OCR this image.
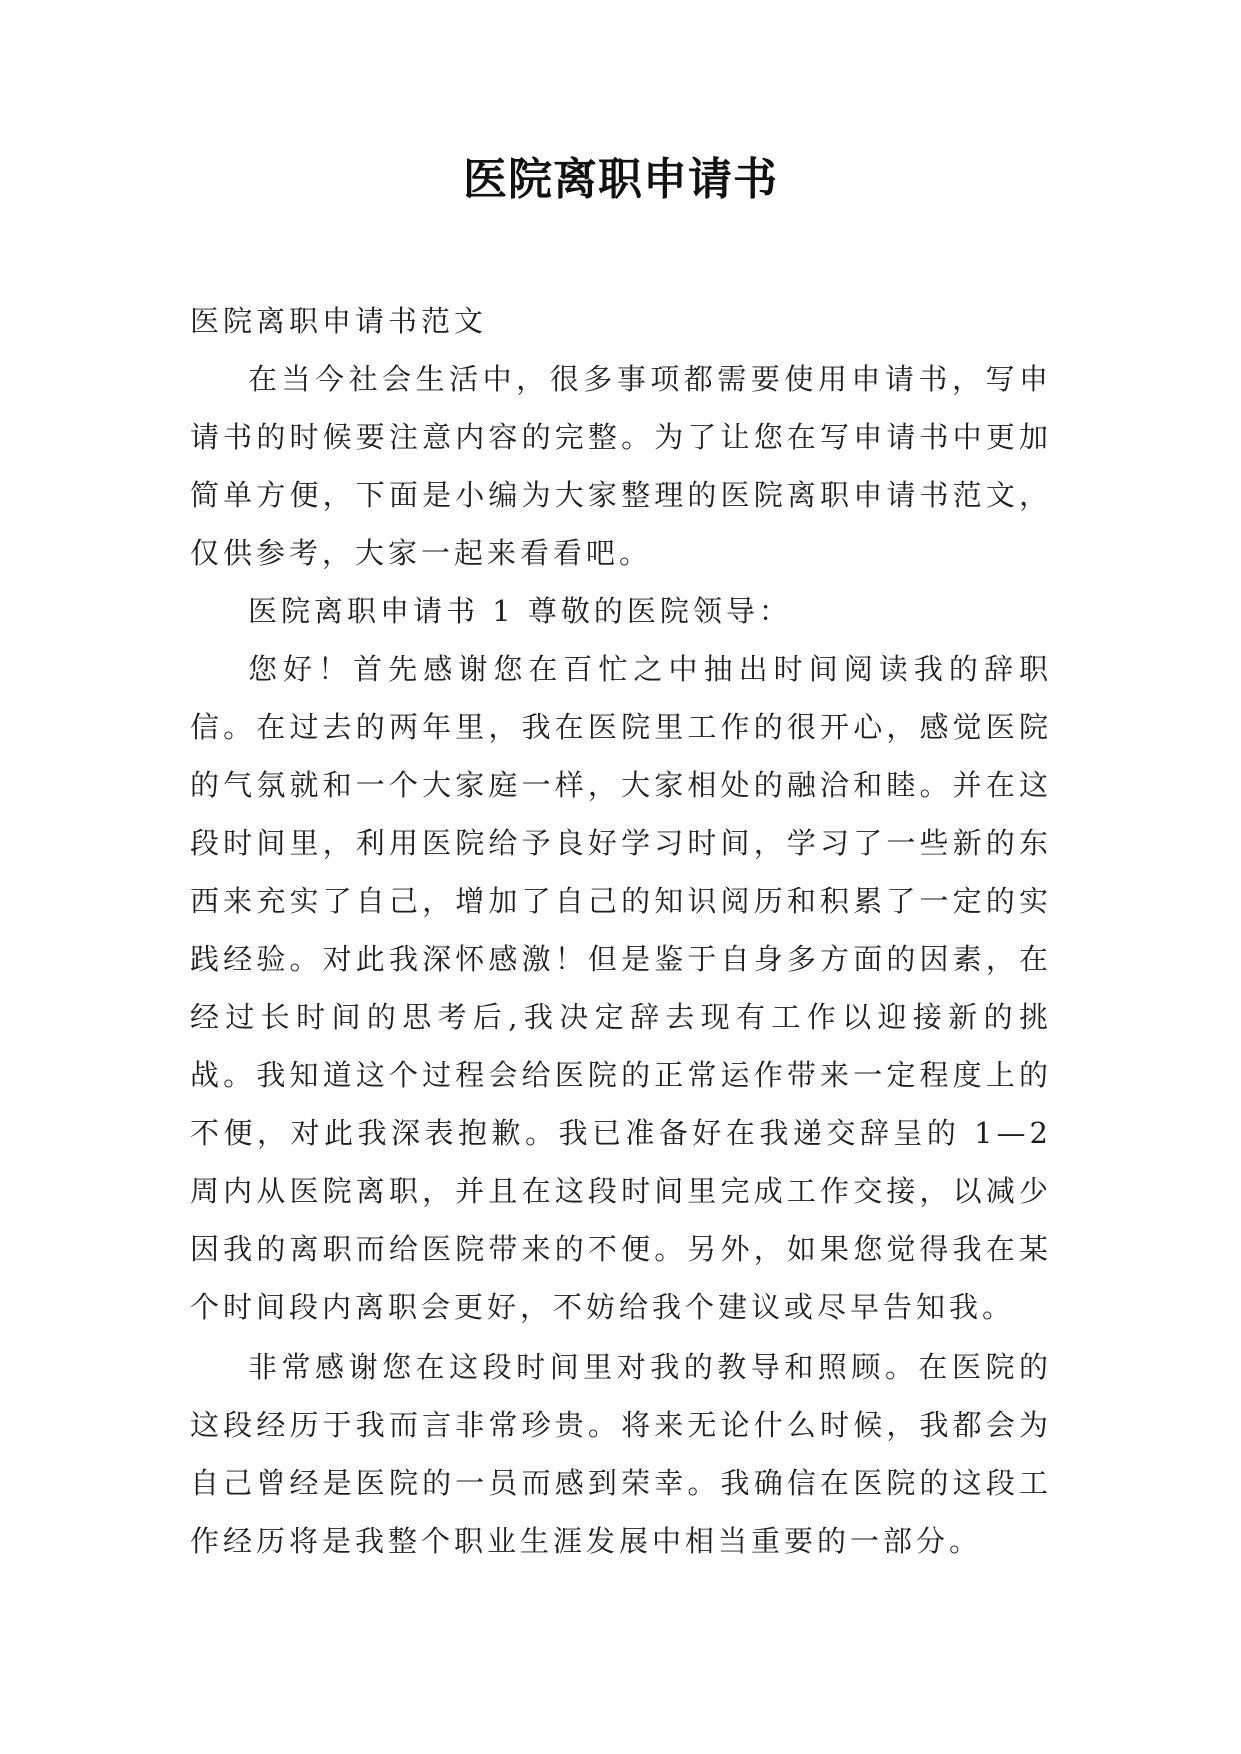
医院离职申请书

医院离职申请书范文

在当今社会生活中，很多事项都需要使用申请书，写申请书的时候要注意内容的完整。为了让您在写申请书中更加简单方便，下面是小编为大家整理的医院离职申请书范文，仅供参考，大家一起来看看吧。

医院离职申请书 1 尊敬的医院领导：

您好！首先感谢您在百忙之中抽出时间阅读我的辞职信。在过去的两年里，我在医院里工作的很开心，感觉医院的气氛就和一个大家庭一样，大家相处的融洽和睦。并在这段时间里，利用医院给予良好学习时间，学习了一些新的东西来充实了自己，增加了自己的知识阅历和积累了一定的实践经验。对此我深怀感激！但是鉴于自身多方面的因素，在经过长时间的思考后,我决定辞去现有工作以迎接新的挑战。我知道这个过程会给医院的正常运作带来一定程度上的不便，对此我深表抱歉。我已准备好在我递交辞呈的 1—2 周内从医院离职，并且在这段时间里完成工作交接，以减少因我的离职而给医院带来的不便。另外，如果您觉得我在某个时间段内离职会更好，不妨给我个建议或尽早告知我。

非常感谢您在这段时间里对我的教导和照顾。在医院的这段经历于我而言非常珍贵。将来无论什么时候，我都会为自己曾经是医院的一员而感到荣幸。我确信在医院的这段工作经历将是我整个职业生涯发展中相当重要的一部分。
